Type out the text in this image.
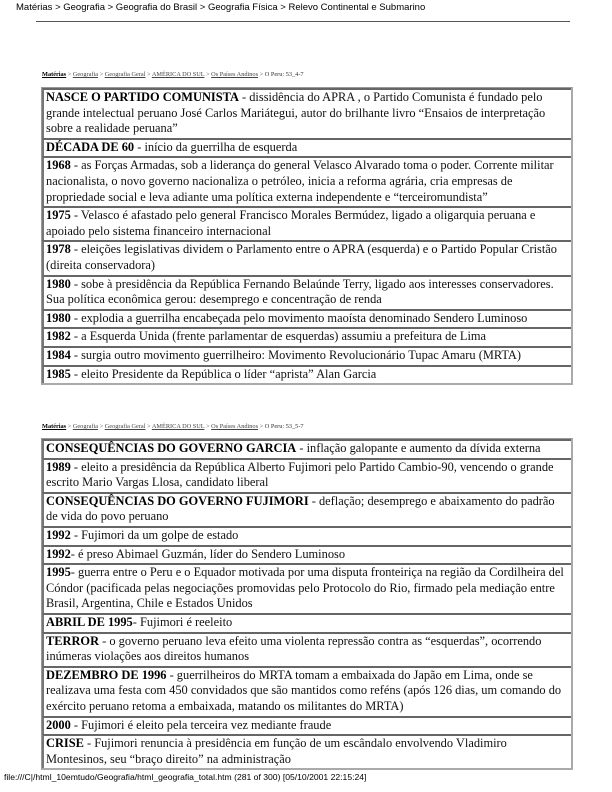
Matérias > Geografia > Geografia do Brasil > Geografia Física > Relevo Continental e Submarino
Matérias > Geografia > Geografia Geral > AMÉRICA DO SUL > Os Países Andinos > O Peru: 53_4-7
NASCE O PARTIDO COMUNISTA - dissidência do APRA , o Partido Comunista é fundado pelo grande intelectual peruano José Carlos Mariátegui, autor do brilhante livro “Ensaios de interpretação sobre a realidade peruana”
DÉCADA DE 60 - início da guerrilha de esquerda
1968 - as Forças Armadas, sob a liderança do general Velasco Alvarado toma o poder. Corrente militar nacionalista, o novo governo nacionaliza o petróleo, inicia a reforma agrária, cria empresas de propriedade social e leva adiante uma política externa independente e “terceiromundista”
1975 - Velasco é afastado pelo general Francisco Morales Bermúdez, ligado a oligarquia peruana e apoiado pelo sistema financeiro internacional
1978 - eleições legislativas dividem o Parlamento entre o APRA (esquerda) e o Partido Popular Cristão (direita conservadora)
1980 - sobe à presidência da República Fernando Belaúnde Terry, ligado aos interesses conservadores. Sua política econômica gerou: desemprego e concentração de renda
1980 - explodia a guerrilha encabeçada pelo movimento maoísta denominado Sendero Luminoso
1982 - a Esquerda Unida (frente parlamentar de esquerdas) assumiu a prefeitura de Lima
1984 - surgia outro movimento guerrilheiro: Movimento Revolucionário Tupac Amaru (MRTA)
1985 - eleito Presidente da República o líder “aprista” Alan Garcia
Matérias > Geografia > Geografia Geral > AMÉRICA DO SUL > Os Países Andinos > O Peru: 53_5-7
CONSEQUÊNCIAS DO GOVERNO GARCIA - inflação galopante e aumento da dívida externa
1989 - eleito a presidência da República Alberto Fujimori pelo Partido Cambio-90, vencendo o grande escrito Mario Vargas Llosa, candidato liberal
CONSEQUÊNCIAS DO GOVERNO FUJIMORI - deflação; desemprego e abaixamento do padrão de vida do povo peruano
1992 - Fujimori da um golpe de estado
1992- é preso Abimael Guzmán, líder do Sendero Luminoso
1995- guerra entre o Peru e o Equador motivada por uma disputa fronteiriça na região da Cordilheira del Cóndor (pacificada pelas negociações promovidas pelo Protocolo do Rio, firmado pela mediação entre Brasil, Argentina, Chile e Estados Unidos
ABRIL DE 1995- Fujimori é reeleito
TERROR - o governo peruano leva efeito uma violenta repressão contra as “esquerdas”, ocorrendo inúmeras violações aos direitos humanos
DEZEMBRO DE 1996 - guerrilheiros do MRTA tomam a embaixada do Japão em Lima, onde se realizava uma festa com 450 convidados que são mantidos como reféns (após 126 dias, um comando do exército peruano retoma a embaixada, matando os militantes do MRTA)
2000 - Fujimori é eleito pela terceira vez mediante fraude
CRISE - Fujimori renuncia à presidência em função de um escândalo envolvendo Vladimiro Montesinos, seu “braço direito” na administração
file:///C|/html_10emtudo/Geografia/html_geografia_total.htm (281 of 300) [05/10/2001 22:15:24]
